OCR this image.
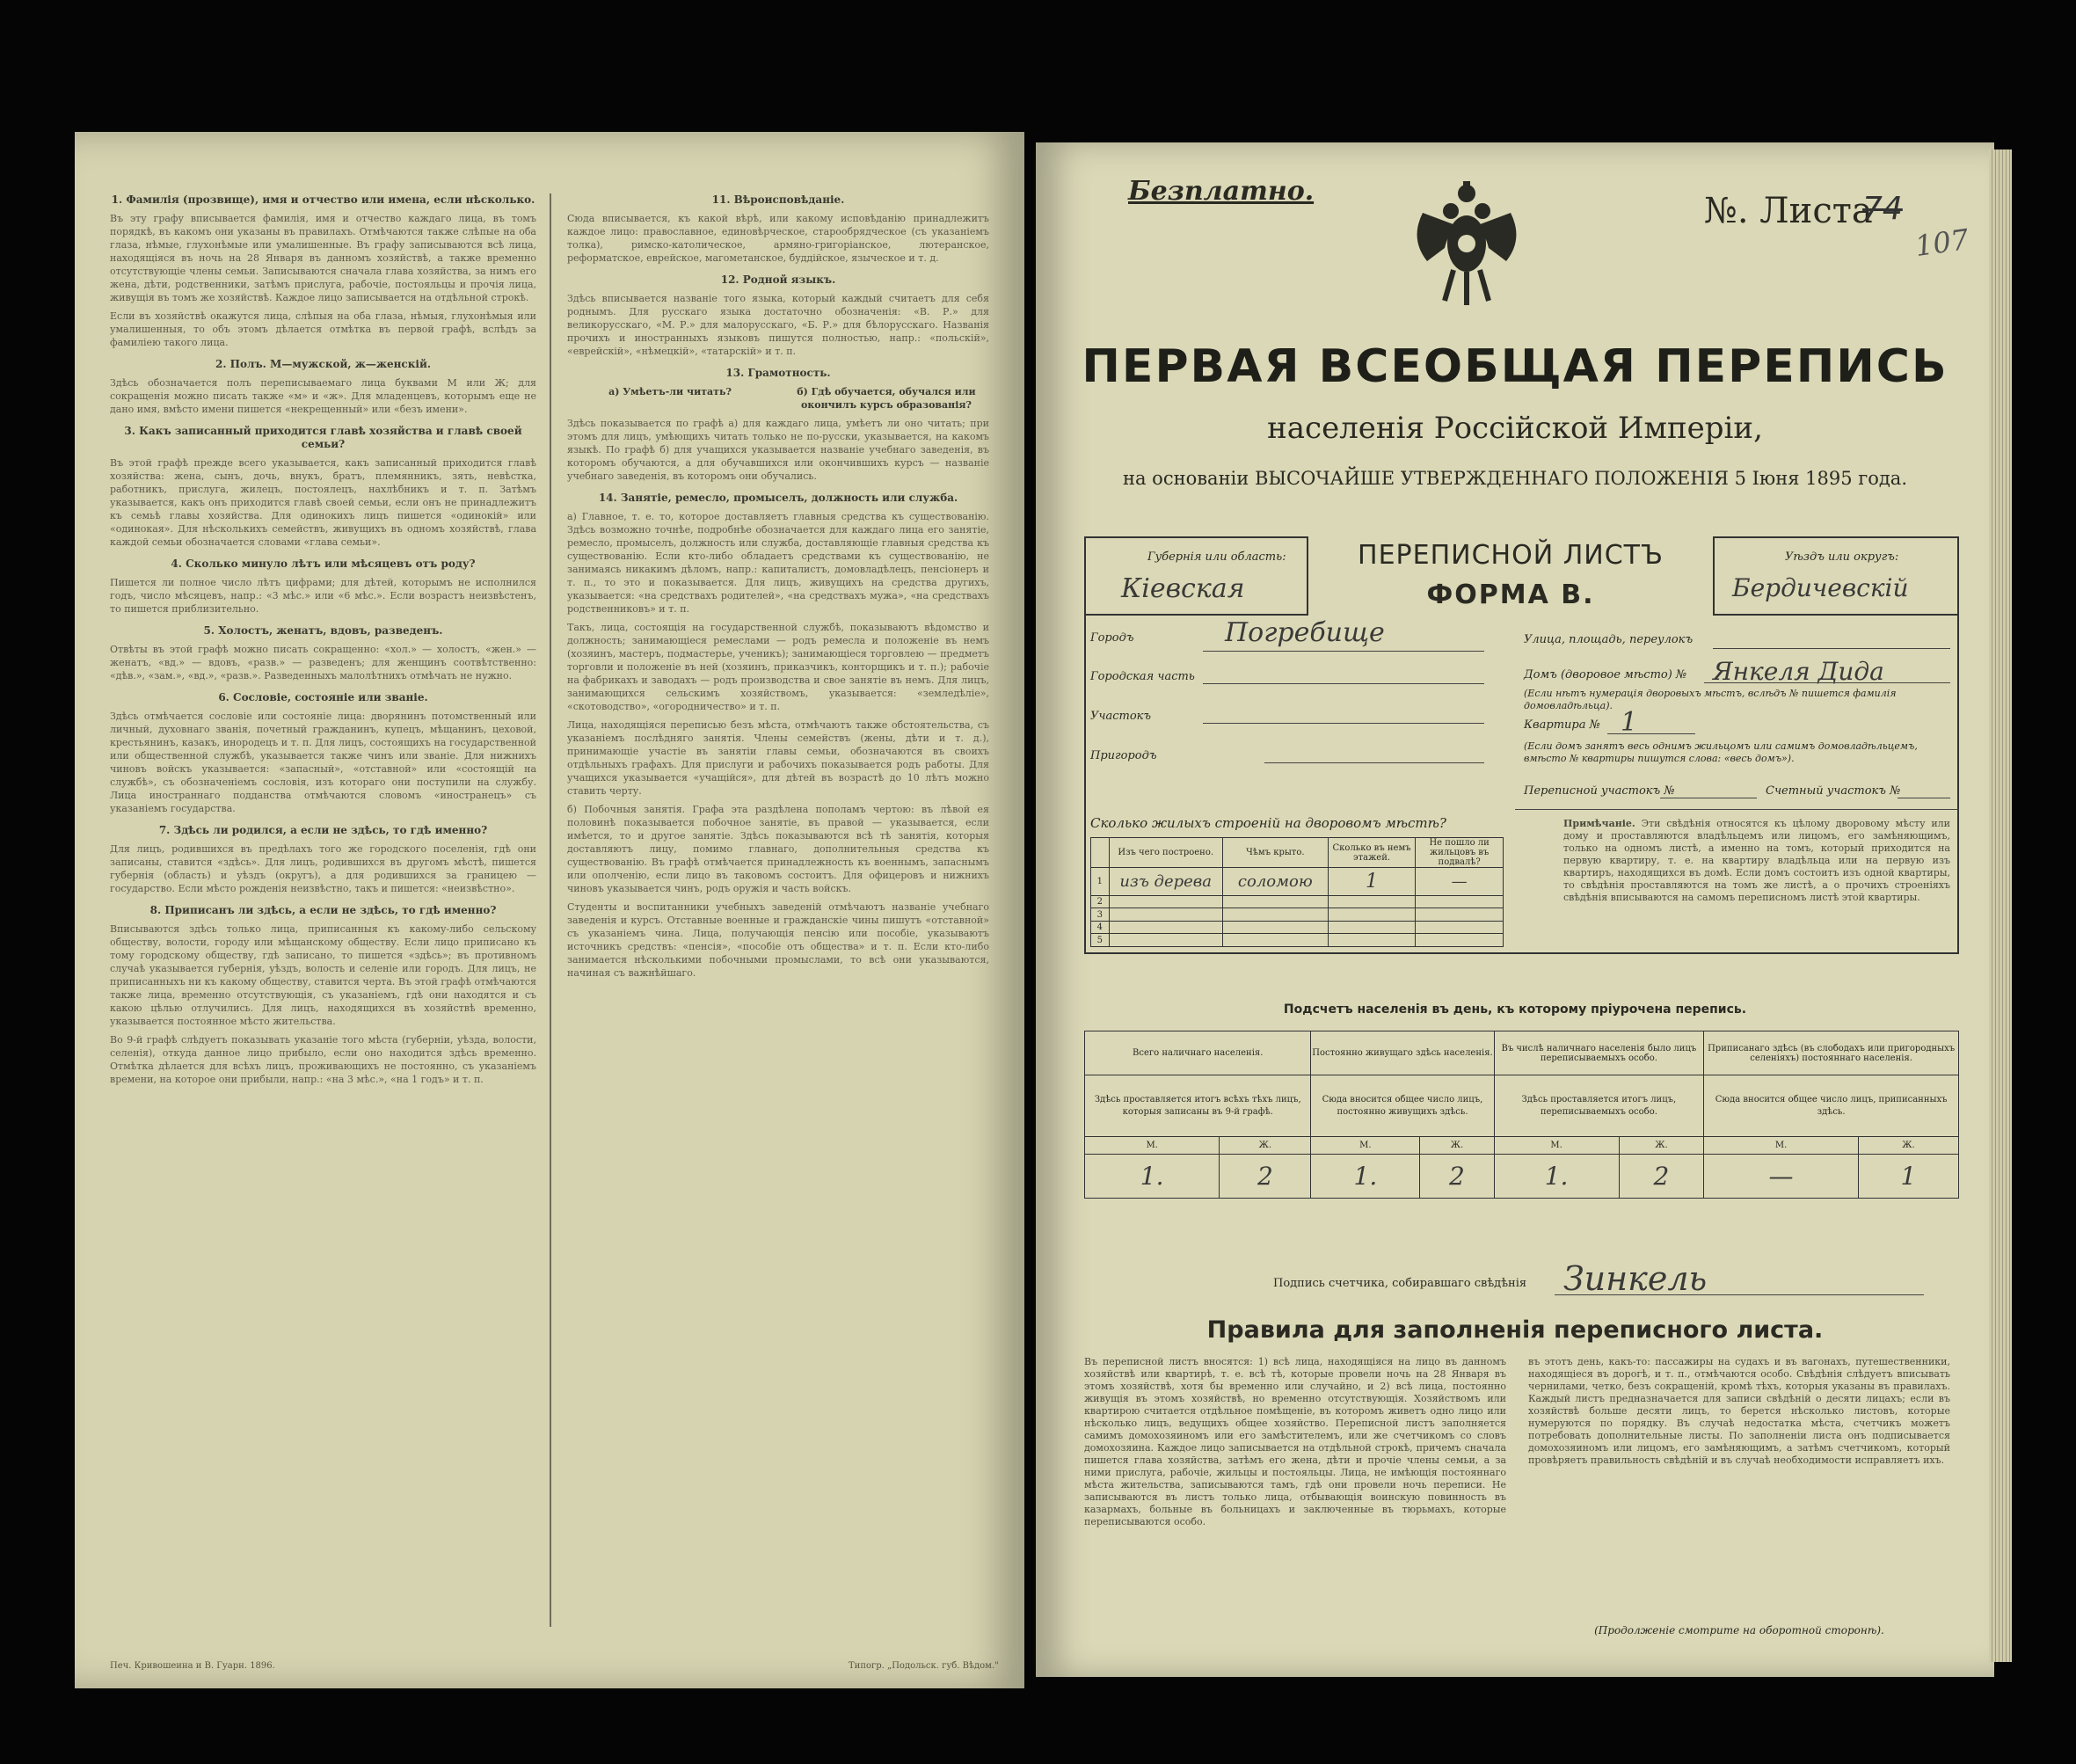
1. Фамилія (прозвище), имя и отчество или имена, если нѣсколько.
Въ эту графу вписывается фамилія, имя и отчество каждаго лица, въ томъ порядкѣ, въ какомъ они указаны въ правилахъ. Отмѣчаются также слѣпые на оба глаза, нѣмые, глухонѣмые или умалишенные. Въ графу записываются всѣ лица, находящіяся въ ночь на 28 Января въ данномъ хозяйствѣ, а также временно отсутствующіе члены семьи. Записываются сначала глава хозяйства, за нимъ его жена, дѣти, родственники, затѣмъ прислуга, рабочіе, постояльцы и прочія лица, живущія въ томъ же хозяйствѣ. Каждое лицо записывается на отдѣльной строкѣ.
Если въ хозяйствѣ окажутся лица, слѣпыя на оба глаза, нѣмыя, глухонѣмыя или умалишенныя, то объ этомъ дѣлается отмѣтка въ первой графѣ, вслѣдъ за фамиліею такого лица.
2. Полъ. М—мужской, ж—женскій.
Здѣсь обозначается полъ переписываемаго лица буквами М или Ж; для сокращенія можно писать также «м» и «ж». Для младенцевъ, которымъ еще не дано имя, вмѣсто имени пишется «некрещенный» или «безъ имени».
3. Какъ записанный приходится главѣ хозяйства и главѣ своей семьи?
Въ этой графѣ прежде всего указывается, какъ записанный приходится главѣ хозяйства: жена, сынъ, дочь, внукъ, братъ, племянникъ, зять, невѣстка, работникъ, прислуга, жилецъ, постоялецъ, нахлѣбникъ и т. п. Затѣмъ указывается, какъ онъ приходится главѣ своей семьи, если онъ не принадлежитъ къ семьѣ главы хозяйства. Для одинокихъ лицъ пишется «одинокій» или «одинокая». Для нѣсколькихъ семействъ, живущихъ въ одномъ хозяйствѣ, глава каждой семьи обозначается словами «глава семьи».
4. Сколько минуло лѣтъ или мѣсяцевъ отъ роду?
Пишется ли полное число лѣтъ цифрами; для дѣтей, которымъ не исполнился годъ, число мѣсяцевъ, напр.: «3 мѣс.» или «6 мѣс.». Если возрастъ неизвѣстенъ, то пишется приблизительно.
5. Холостъ, женатъ, вдовъ, разведенъ.
Отвѣты въ этой графѣ можно писать сокращенно: «хол.» — холостъ, «жен.» — женатъ, «вд.» — вдовъ, «разв.» — разведенъ; для женщинъ соотвѣтственно: «дѣв.», «зам.», «вд.», «разв.». Разведенныхъ малолѣтнихъ отмѣчать не нужно.
6. Сословіе, состояніе или званіе.
Здѣсь отмѣчается сословіе или состояніе лица: дворянинъ потомственный или личный, духовнаго званія, почетный гражданинъ, купецъ, мѣщанинъ, цеховой, крестьянинъ, казакъ, инородецъ и т. п. Для лицъ, состоящихъ на государственной или общественной службѣ, указывается также чинъ или званіе. Для нижнихъ чиновъ войскъ указывается: «запасный», «отставной» или «состоящій на службѣ», съ обозначеніемъ сословія, изъ котораго они поступили на службу. Лица иностраннаго подданства отмѣчаются словомъ «иностранецъ» съ указаніемъ государства.
7. Здѣсь ли родился, а если не здѣсь, то гдѣ именно?
Для лицъ, родившихся въ предѣлахъ того же городского поселенія, гдѣ они записаны, ставится «здѣсь». Для лицъ, родившихся въ другомъ мѣстѣ, пишется губернія (область) и уѣздъ (округъ), а для родившихся за границею — государство. Если мѣсто рожденія неизвѣстно, такъ и пишется: «неизвѣстно».
8. Приписанъ ли здѣсь, а если не здѣсь, то гдѣ именно?
Вписываются здѣсь только лица, приписанныя къ какому-либо сельскому обществу, волости, городу или мѣщанскому обществу. Если лицо приписано къ тому городскому обществу, гдѣ записано, то пишется «здѣсь»; въ противномъ случаѣ указывается губернія, уѣздъ, волость и селеніе или городъ. Для лицъ, не приписанныхъ ни къ какому обществу, ставится черта. Въ этой графѣ отмѣчаются также лица, временно отсутствующія, съ указаніемъ, гдѣ они находятся и съ какою цѣлью отлучились. Для лицъ, находящихся въ хозяйствѣ временно, указывается постоянное мѣсто жительства.
Во 9-й графѣ слѣдуетъ показывать указаніе того мѣста (губерніи, уѣзда, волости, селенія), откуда данное лицо прибыло, если оно находится здѣсь временно. Отмѣтка дѣлается для всѣхъ лицъ, проживающихъ не постоянно, съ указаніемъ времени, на которое они прибыли, напр.: «на 3 мѣс.», «на 1 годъ» и т. п.
11. Вѣроисповѣданіе.
Сюда вписывается, къ какой вѣрѣ, или какому исповѣданію принадлежитъ каждое лицо: православное, единовѣрческое, старообрядческое (съ указаніемъ толка), римско-католическое, армяно-григоріанское, лютеранское, реформатское, еврейское, магометанское, буддійское, языческое и т. д.
12. Родной языкъ.
Здѣсь вписывается названіе того языка, который каждый считаетъ для себя роднымъ. Для русскаго языка достаточно обозначенія: «В. Р.» для великорусскаго, «М. Р.» для малорусскаго, «Б. Р.» для бѣлорусскаго. Названія прочихъ и иностранныхъ языковъ пишутся полностью, напр.: «польскій», «еврейскій», «нѣмецкій», «татарскій» и т. п.
13. Грамотность.
а) Умѣетъ-ли читать?	б) Гдѣ обучается, обучался или окончилъ курсъ образованія?
Здѣсь показывается по графѣ а) для каждаго лица, умѣетъ ли оно читать; при этомъ для лицъ, умѣющихъ читать только не по-русски, указывается, на какомъ языкѣ. По графѣ б) для учащихся указывается названіе учебнаго заведенія, въ которомъ обучаются, а для обучавшихся или окончившихъ курсъ — названіе учебнаго заведенія, въ которомъ они обучались.
14. Занятіе, ремесло, промыселъ, должность или служба.
а) Главное, т. е. то, которое доставляетъ главныя средства къ существованію. Здѣсь возможно точнѣе, подробнѣе обозначается для каждаго лица его занятіе, ремесло, промыселъ, должность или служба, доставляющіе главныя средства къ существованію. Если кто-либо обладаетъ средствами къ существованію, не занимаясь никакимъ дѣломъ, напр.: капиталистъ, домовладѣлецъ, пенсіонеръ и т. п., то это и показывается. Для лицъ, живущихъ на средства другихъ, указывается: «на средствахъ родителей», «на средствахъ мужа», «на средствахъ родственниковъ» и т. п.
Такъ, лица, состоящія на государственной службѣ, показываютъ вѣдомство и должность; занимающіеся ремеслами — родъ ремесла и положеніе въ немъ (хозяинъ, мастеръ, подмастерье, ученикъ); занимающіеся торговлею — предметъ торговли и положеніе въ ней (хозяинъ, приказчикъ, конторщикъ и т. п.); рабочіе на фабрикахъ и заводахъ — родъ производства и свое занятіе въ немъ. Для лицъ, занимающихся сельскимъ хозяйствомъ, указывается: «земледѣліе», «скотоводство», «огородничество» и т. п.
Лица, находящіяся переписью безъ мѣста, отмѣчаютъ также обстоятельства, съ указаніемъ послѣдняго занятія. Члены семействъ (жены, дѣти и т. д.), принимающіе участіе въ занятіи главы семьи, обозначаются въ своихъ отдѣльныхъ графахъ. Для прислуги и рабочихъ показывается родъ работы. Для учащихся указывается «учащійся», для дѣтей въ возрастѣ до 10 лѣтъ можно ставить черту.
б) Побочныя занятія. Графа эта раздѣлена пополамъ чертою: въ лѣвой ея половинѣ показывается побочное занятіе, въ правой — указывается, если имѣется, то и другое занятіе. Здѣсь показываются всѣ тѣ занятія, которыя доставляютъ лицу, помимо главнаго, дополнительныя средства къ существованію. Въ графѣ отмѣчается принадлежность къ военнымъ, запаснымъ или ополченію, если лицо въ таковомъ состоитъ. Для офицеровъ и нижнихъ чиновъ указывается чинъ, родъ оружія и часть войскъ.
Студенты и воспитанники учебныхъ заведеній отмѣчаютъ названіе учебнаго заведенія и курсъ. Отставные военные и гражданскіе чины пишутъ «отставной» съ указаніемъ чина. Лица, получающія пенсію или пособіе, указываютъ источникъ средствъ: «пенсія», «пособіе отъ общества» и т. п. Если кто-либо занимается нѣсколькими побочными промыслами, то всѣ они указываются, начиная съ важнѣйшаго.
Печ. Кривошеина и В. Гуарн. 1896.	Типогр. „Подольск. губ. Вѣдом."
Безплатно.	№. Листа
74
107
ПЕРВАЯ ВСЕОБЩАЯ ПЕРЕПИСЬ
населенія Россійской Имперіи,
на основаніи ВЫСОЧАЙШЕ УТВЕРЖДЕННАГО ПОЛОЖЕНІЯ 5 Іюня 1895 года.
Губернія или область:
Кіевская
ПЕРЕПИСНОЙ ЛИСТЪ
ФОРМА В.
Уѣздъ или округъ:
Бердичевскій
Городъ	Погребище
Городская часть
Участокъ
Пригородъ
Улица, площадь, переулокъ
Домъ (дворовое мѣсто) № Янкеля Дида
(Если нѣтъ нумерація дворовыхъ мѣстъ, вслѣдъ № пишется фамилія домовладѣльца).
Квартира № 1
(Если домъ занятъ весь однимъ жильцомъ или самимъ домовладѣльцемъ, вмѣсто № квартиры пишутся слова: «весь домъ»).
Переписной участокъ №	Счетный участокъ №
Сколько жилыхъ строеній на дворовомъ мѣстѣ?
	Изъ чего построено.	Чѣмъ крыто.	Сколько въ немъ этажей.	Не пошло ли жильцовъ въ подвалѣ?
1	изъ дерева	соломою	1	—
2				
3				
4				
5				
Примѣчаніе. Эти свѣдѣнія относятся къ цѣлому дворовому мѣсту или дому и проставляются владѣльцемъ или лицомъ, его замѣняющимъ, только на одномъ листѣ, а именно на томъ, который приходится на первую квартиру, т. е. на квартиру владѣльца или на первую изъ квартиръ, находящихся въ домѣ. Если домъ состоитъ изъ одной квартиры, то свѣдѣнія проставляются на томъ же листѣ, а о прочихъ строеніяхъ свѣдѣнія вписываются на самомъ переписномъ листѣ этой квартиры.
Подсчетъ населенія въ день, къ которому пріурочена перепись.
Всего наличнаго населенія.		Постоянно живущаго здѣсь населенія.		Въ числѣ наличнаго населенія было лицъ переписываемыхъ особо.		Приписанаго здѣсь (въ слободахъ или пригородныхъ селеніяхъ) постояннаго населенія.	
Здѣсь проставляется итогъ всѣхъ тѣхъ лицъ, которыя записаны въ 9-й графѣ.		Сюда вносится общее число лицъ, постоянно живущихъ здѣсь.		Здѣсь проставляется итогъ лицъ, переписываемыхъ особо.		Сюда вносится общее число лицъ, приписанныхъ здѣсь.	
М.	Ж.	М.	Ж.	М.	Ж.	М.	Ж.
1.	2	1.	2	1.	2	—	1
Подпись счетчика, собиравшаго свѣдѣнія Зинкель
Правила для заполненія переписного листа.
Въ переписной листъ вносятся: 1) всѣ лица, находящіяся на лицо въ данномъ хозяйствѣ или квартирѣ, т. е. всѣ тѣ, которые провели ночь на 28 Января въ этомъ хозяйствѣ, хотя бы временно или случайно, и 2) всѣ лица, постоянно живущія въ этомъ хозяйствѣ, но временно отсутствующія. Хозяйствомъ или квартирою считается отдѣльное помѣщеніе, въ которомъ живетъ одно лицо или нѣсколько лицъ, ведущихъ общее хозяйство. Переписной листъ заполняется самимъ домохозяиномъ или его замѣстителемъ, или же счетчикомъ со словъ домохозяина. Каждое лицо записывается на отдѣльной строкѣ, причемъ сначала пишется глава хозяйства, затѣмъ его жена, дѣти и прочіе члены семьи, а за ними прислуга, рабочіе, жильцы и постояльцы. Лица, не имѣющія постояннаго мѣста жительства, записываются тамъ, гдѣ они провели ночь переписи. Не записываются въ листъ только лица, отбывающія воинскую повинность въ казармахъ, больные въ больницахъ и заключенные въ тюрьмахъ, которые переписываются особо.
въ этотъ день, какъ-то: пассажиры на судахъ и въ вагонахъ, путешественники, находящіеся въ дорогѣ, и т. п., отмѣчаются особо. Свѣдѣнія слѣдуетъ вписывать чернилами, четко, безъ сокращеній, кромѣ тѣхъ, которыя указаны въ правилахъ. Каждый листъ предназначается для записи свѣдѣній о десяти лицахъ; если въ хозяйствѣ больше десяти лицъ, то берется нѣсколько листовъ, которые нумеруются по порядку. Въ случаѣ недостатка мѣста, счетчикъ можетъ потребовать дополнительные листы. По заполненіи листа онъ подписывается домохозяиномъ или лицомъ, его замѣняющимъ, а затѣмъ счетчикомъ, который провѣряетъ правильность свѣдѣній и въ случаѣ необходимости исправляетъ ихъ.
(Продолженіе смотрите на оборотной сторонѣ).
